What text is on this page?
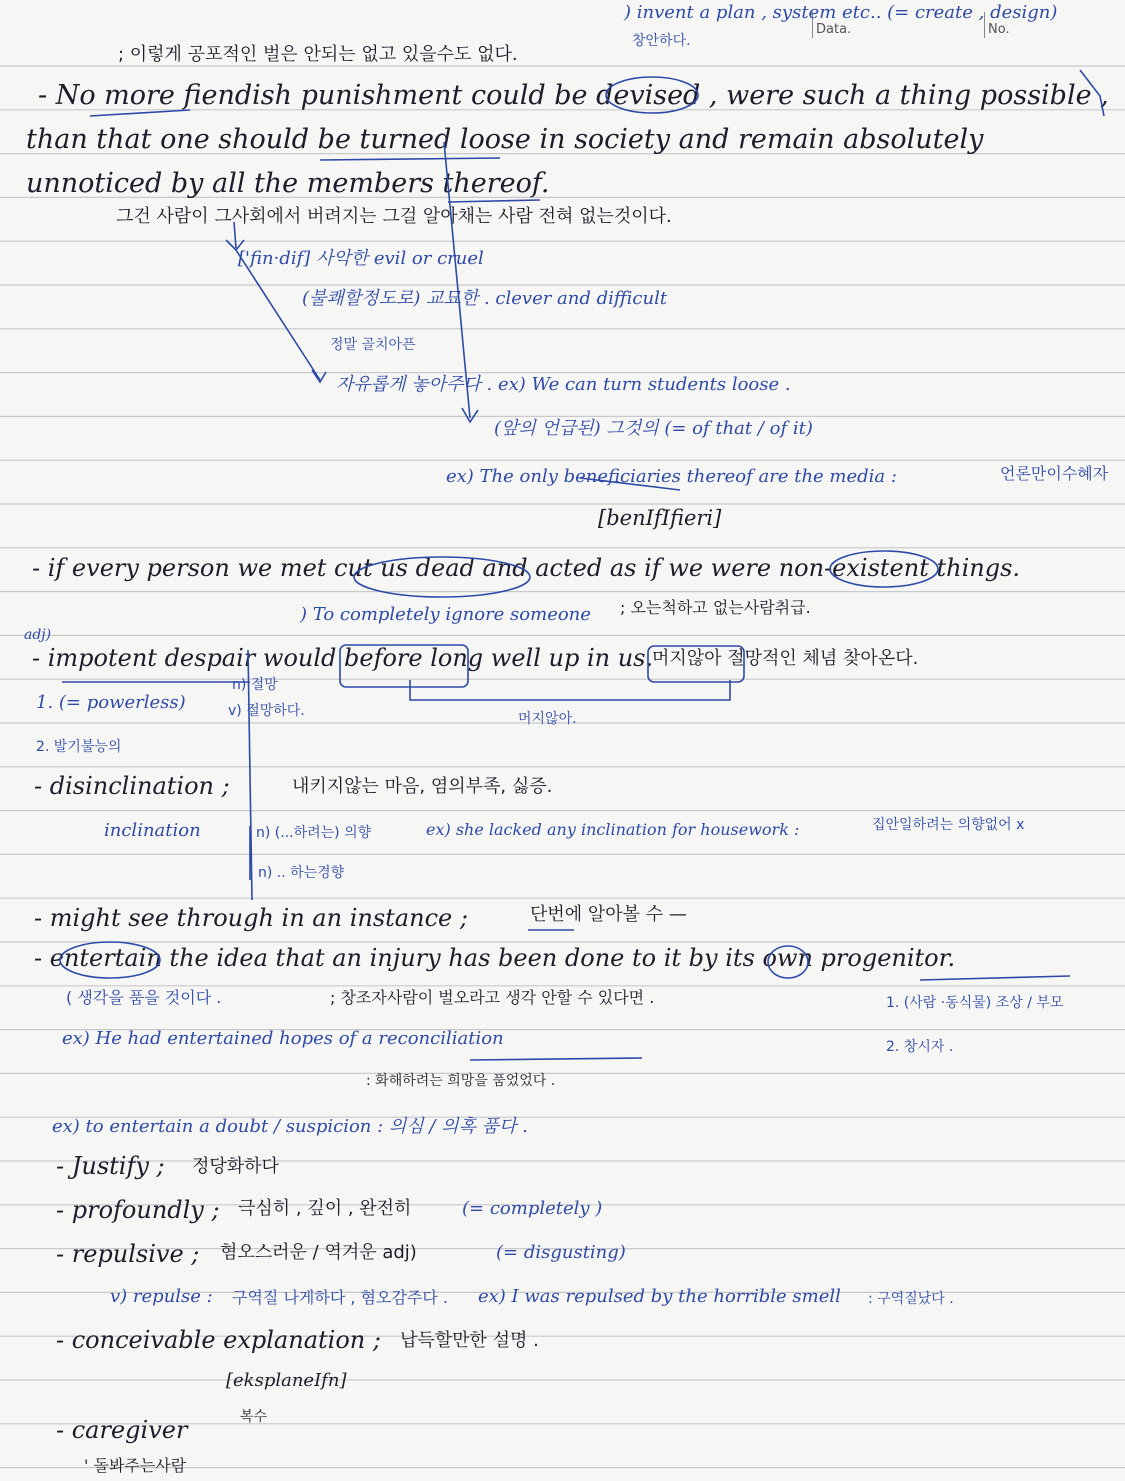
Data.	No.
) invent a plan , system etc.. (= create , design)
창안하다.
; 이렇게 공포적인 벌은 안되는 없고 있을수도 없다.
- No more fiendish punishment could be devised , were such a thing possible ,
than that one should be turned loose in society and remain absolutely
unnoticed by all the members thereof.
그건 사람이 그사회에서 버려지는 그걸 알아채는 사람 전혀 없는것이다.
['fin·dif] 사악한 evil or cruel
(불쾌할정도로) 교묘한 . clever and difficult
정말 골치아픈
자유롭게 놓아주다 . ex) We can turn students loose .
(앞의 언급된) 그것의 (= of that / of it)
ex) The only beneficiaries thereof are the media :	언론만이수혜자
[benIfIfieri]
- if every person we met cut us dead and acted as if we were non-existent things.
) To completely ignore someone ; 오는척하고 없는사람취급.
adj)
- impotent despair would before long well up in us.
머지않아 절망적인 체념 찾아온다.
1. (= powerless)
n) 절망
v) 절망하다.	머지않아.
2. 발기불능의
- disinclination ;	내키지않는 마음, 염의부족, 싫증.
inclination	n) (...하려는) 의향	ex) she lacked any inclination for housework :	집안일하려는 의향없어 x
n) .. 하는경향
- might see through in an instance ;	단번에 알아볼 수 —
- entertain the idea that an injury has been done to it by its own progenitor.
( 생각을 품을 것이다 .	; 창조자사람이 벌오라고 생각 안할 수 있다면 .	1. (사람 ·동식물) 조상 / 부모
2. 창시자 .
ex) He had entertained hopes of a reconciliation
: 화해하려는 희망을 품었었다 .
ex) to entertain a doubt / suspicion : 의심 / 의혹 품다 .
- Justify ; 정당화하다
- profoundly ; 극심히 , 깊이 , 완전히	(= completely )
- repulsive ; 혐오스러운 / 역겨운 adj)	(= disgusting)
v) repulse : 구역질 나게하다 , 혐오감주다 . ex) I was repulsed by the horrible smell : 구역질났다 .
- conceivable explanation ; 납득할만한 설명 .
[eksplaneIfn]
복수
- caregiver
' 돌봐주는사람
